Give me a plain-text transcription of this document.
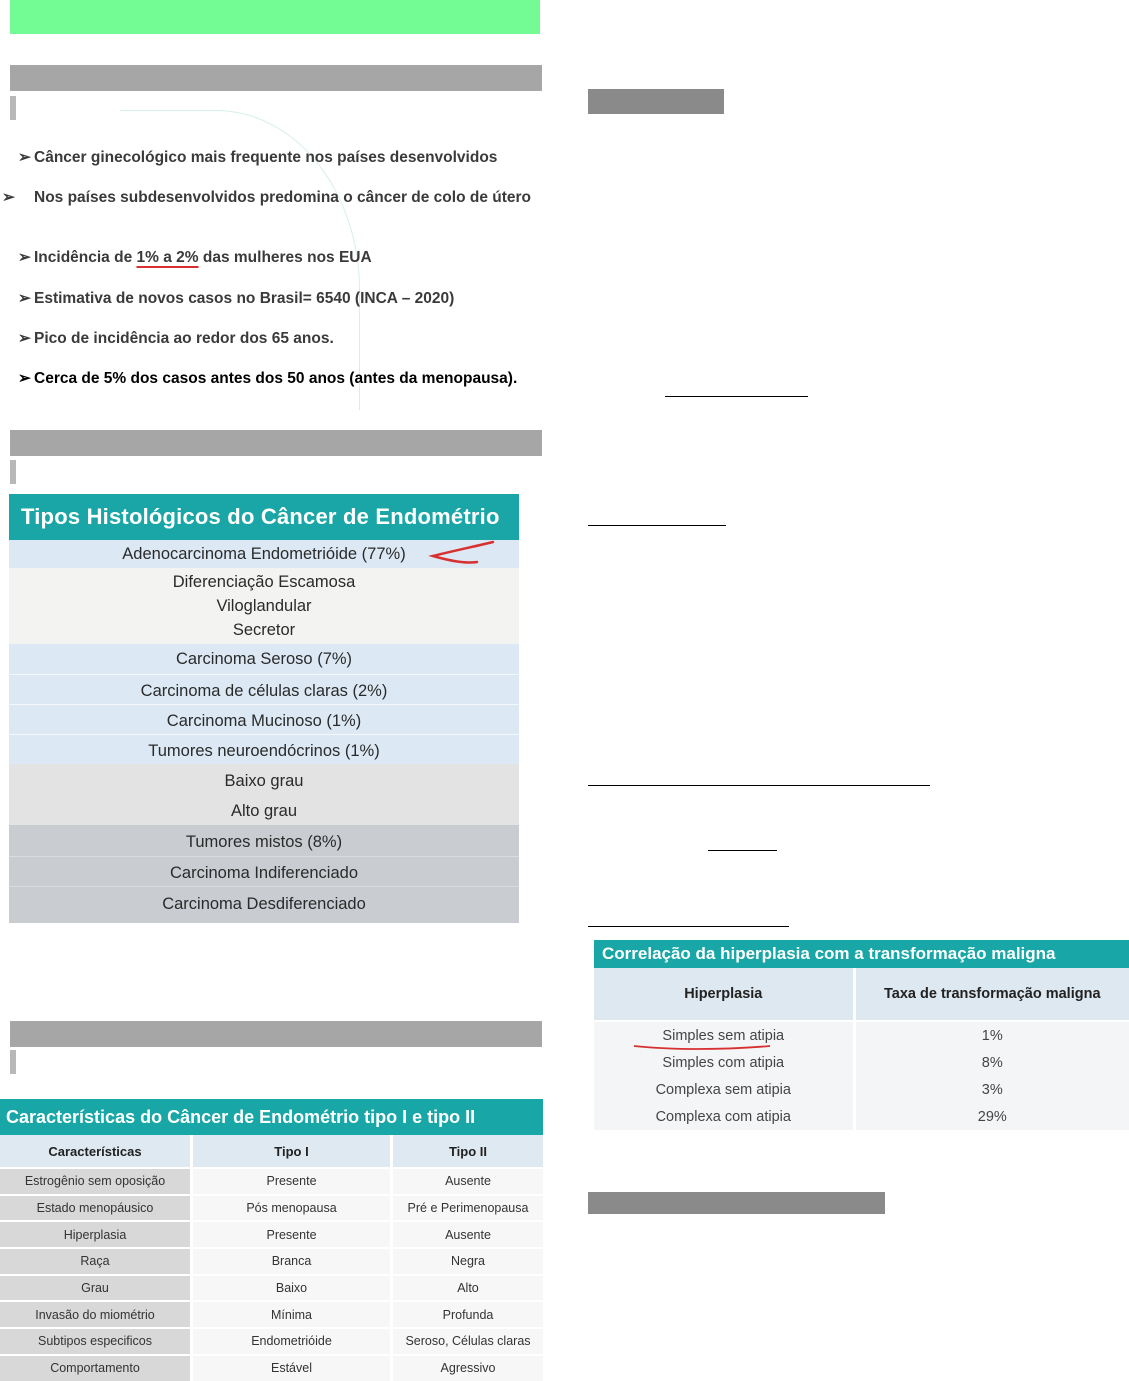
➢ Câncer ginecológico mais frequente nos países desenvolvidos
➢ Nos países subdesenvolvidos predomina o câncer de colo de útero
➢ Incidência de 1% a 2% das mulheres nos EUA
➢ Estimativa de novos casos no Brasil= 6540 (INCA – 2020)
➢ Pico de incidência ao redor dos 65 anos.
➢ Cerca de 5% dos casos antes dos 50 anos (antes da menopausa).
Tipos Histológicos do Câncer de Endométrio
Adenocarcinoma Endometrióide (77%)
Diferenciação Escamosa
Viloglandular
Secretor
Carcinoma Seroso (7%)
Carcinoma de células claras (2%)
Carcinoma Mucinoso (1%)
Tumores neuroendócrinos (1%)
Baixo grau
Alto grau
Tumores mistos (8%)
Carcinoma Indiferenciado
Carcinoma Desdiferenciado
Características do Câncer de Endométrio tipo I e tipo II
Características	Tipo I	Tipo II
Estrogênio sem oposição	Presente	Ausente
Estado menopáusico	Pós menopausa	Pré e Perimenopausa
Hiperplasia	Presente	Ausente
Raça	Branca	Negra
Grau	Baixo	Alto
Invasão do miométrio	Mínima	Profunda
Subtipos especificos	Endometrióide	Seroso, Células claras
Comportamento	Estável	Agressivo
Correlação da hiperplasia com a transformação maligna
Hiperplasia	Taxa de transformação maligna
Simples sem atipia	1%
Simples com atipia	8%
Complexa sem atipia	3%
Complexa com atipia	29%
